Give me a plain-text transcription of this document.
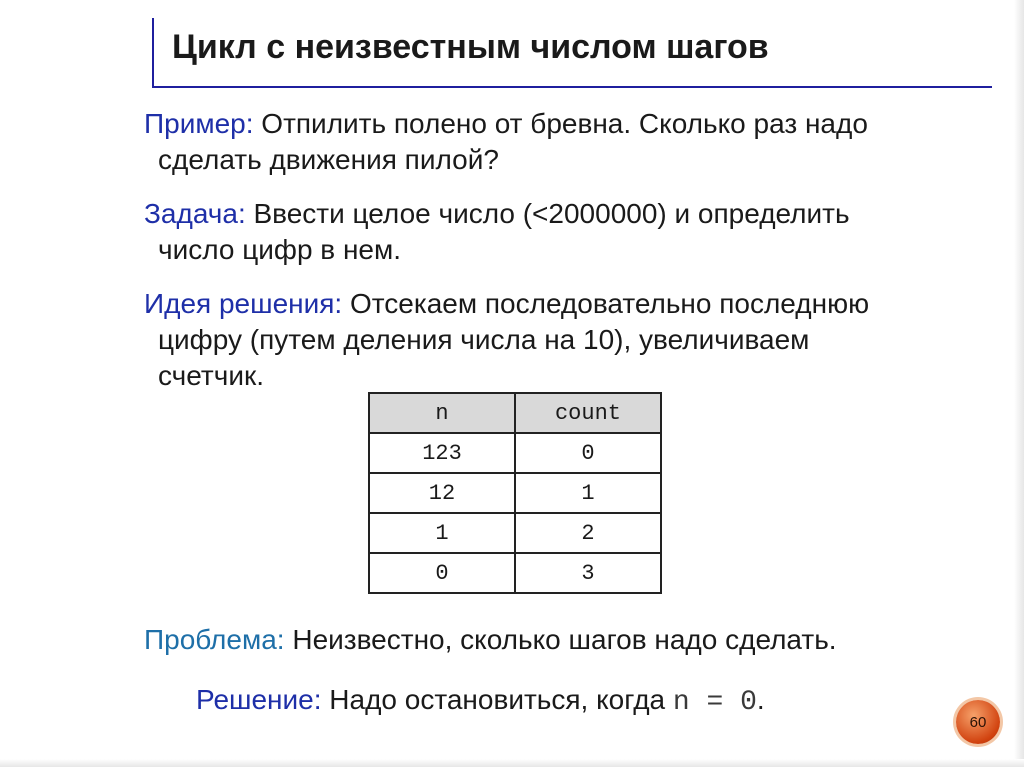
Цикл с неизвестным числом шагов
Пример: Отпилить полено от бревна. Сколько раз надо
сделать движения пилой?
Задача: Ввести целое число (<2000000) и определить
число цифр в нем.
Идея решения: Отсекаем последовательно последнюю
цифру (путем деления числа на 10), увеличиваем
счетчик.
n	count
123	0
12	1
1	2
0	3
Проблема: Неизвестно, сколько шагов надо сделать.
Решение: Надо остановиться, когда n = 0.
60
